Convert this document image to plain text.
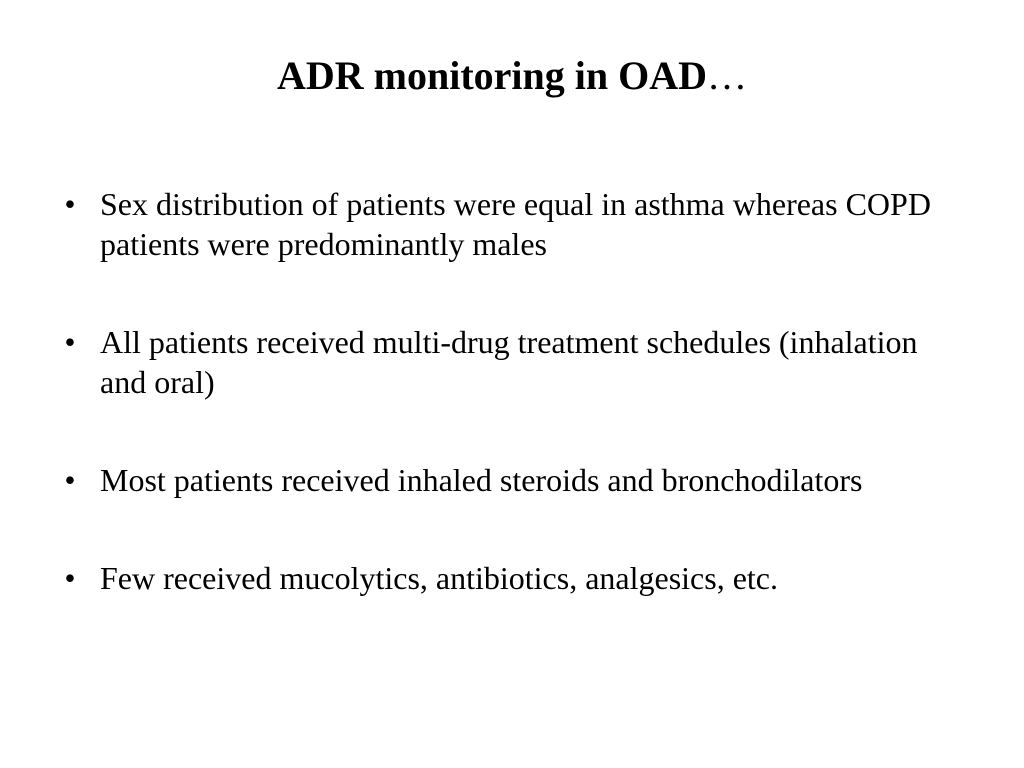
ADR monitoring in OAD…
• Sex distribution of patients were equal in asthma whereas COPD patients were predominantly males
• All patients received multi-drug treatment schedules (inhalation and oral)
• Most patients received inhaled steroids and bronchodilators
• Few received mucolytics, antibiotics, analgesics, etc.
